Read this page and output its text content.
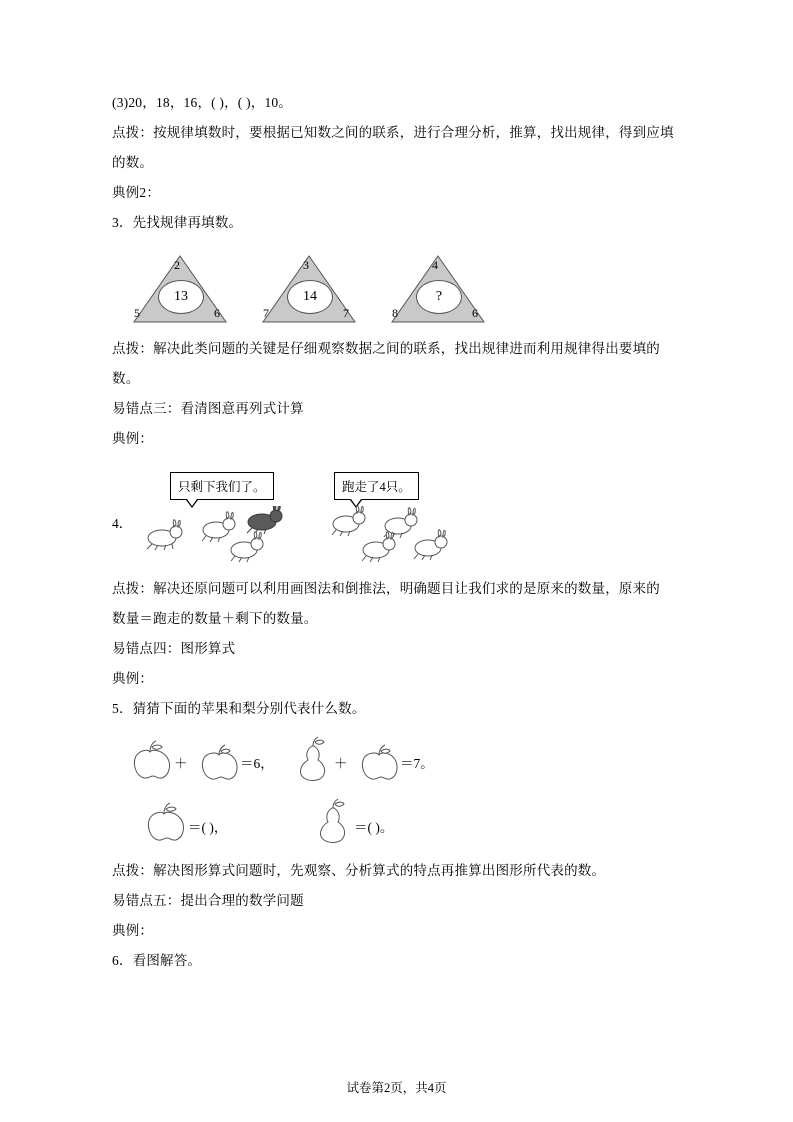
(3)20，18，16，( )，( )，10。
点拨：按规律填数时，要根据已知数之间的联系，进行合理分析，推算，找出规律，得到应填的数。
典例2：
3．先找规律再填数。
13
2
5	6

14
3
7	7

?
4
8	6
点拨：解决此类问题的关键是仔细观察数据之间的联系，找出规律进而利用规律得出要填的数。
易错点三：看清图意再列式计算
典例：
只剩下我们了。	跑走了4只。
4．
点拨：解决还原问题可以利用画图法和倒推法，明确题目让我们求的是原来的数量，原来的
数量＝跑走的数量＋剩下的数量。
易错点四：图形算式
典例：
5．猜猜下面的苹果和梨分别代表什么数。
＋	＝6，	＋	＝7。
＝( )，	＝( )。
点拨：解决图形算式问题时，先观察、分析算式的特点再推算出图形所代表的数。
易错点五：提出合理的数学问题
典例：
6．看图解答。
试卷第2页，共4页
